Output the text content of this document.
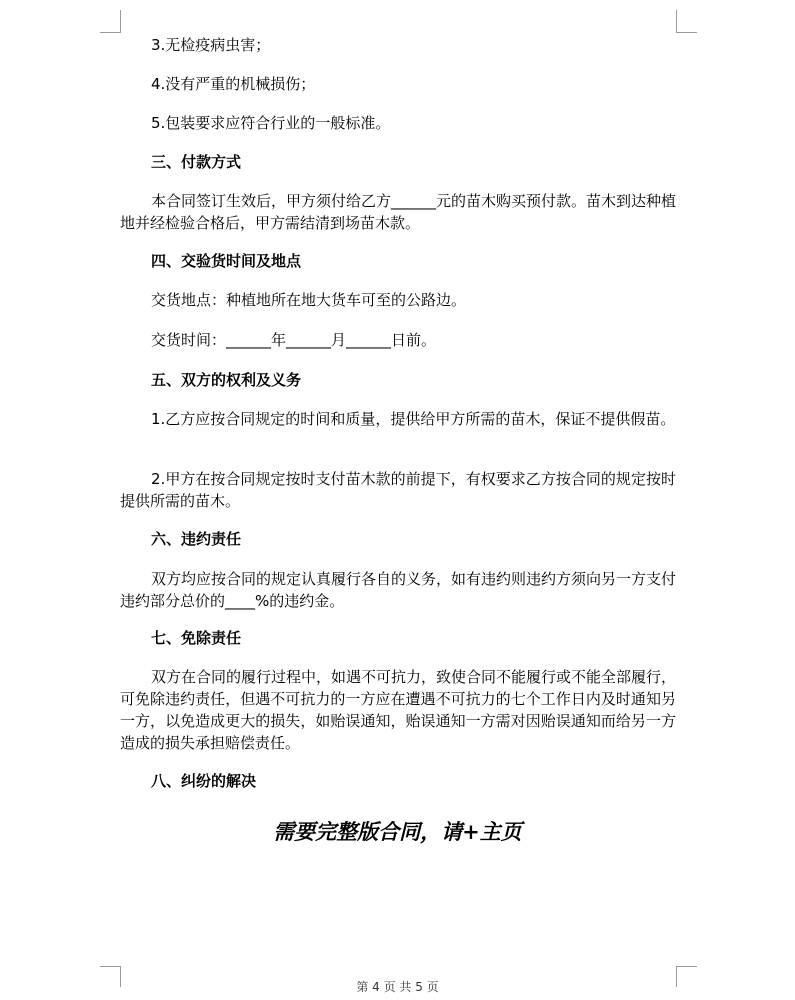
3.无检疫病虫害；
4.没有严重的机械损伤；
5.包装要求应符合行业的一般标准。
三、付款方式
本合同签订生效后，甲方须付给乙方______元的苗木购买预付款。苗木到达种植地并经检验合格后，甲方需结清到场苗木款。
四、交验货时间及地点
交货地点：种植地所在地大货车可至的公路边。
交货时间：______年______月______日前。
五、双方的权利及义务
1.乙方应按合同规定的时间和质量，提供给甲方所需的苗木，保证不提供假苗。
2.甲方在按合同规定按时支付苗木款的前提下，有权要求乙方按合同的规定按时提供所需的苗木。
六、违约责任
双方均应按合同的规定认真履行各自的义务，如有违约则违约方须向另一方支付违约部分总价的____%的违约金。
七、免除责任
双方在合同的履行过程中，如遇不可抗力，致使合同不能履行或不能全部履行，可免除违约责任，但遇不可抗力的一方应在遭遇不可抗力的七个工作日内及时通知另一方，以免造成更大的损失，如贻误通知，贻误通知一方需对因贻误通知而给另一方造成的损失承担赔偿责任。
八、纠纷的解决
需要完整版合同，请+主页
第 4 页 共 5 页
